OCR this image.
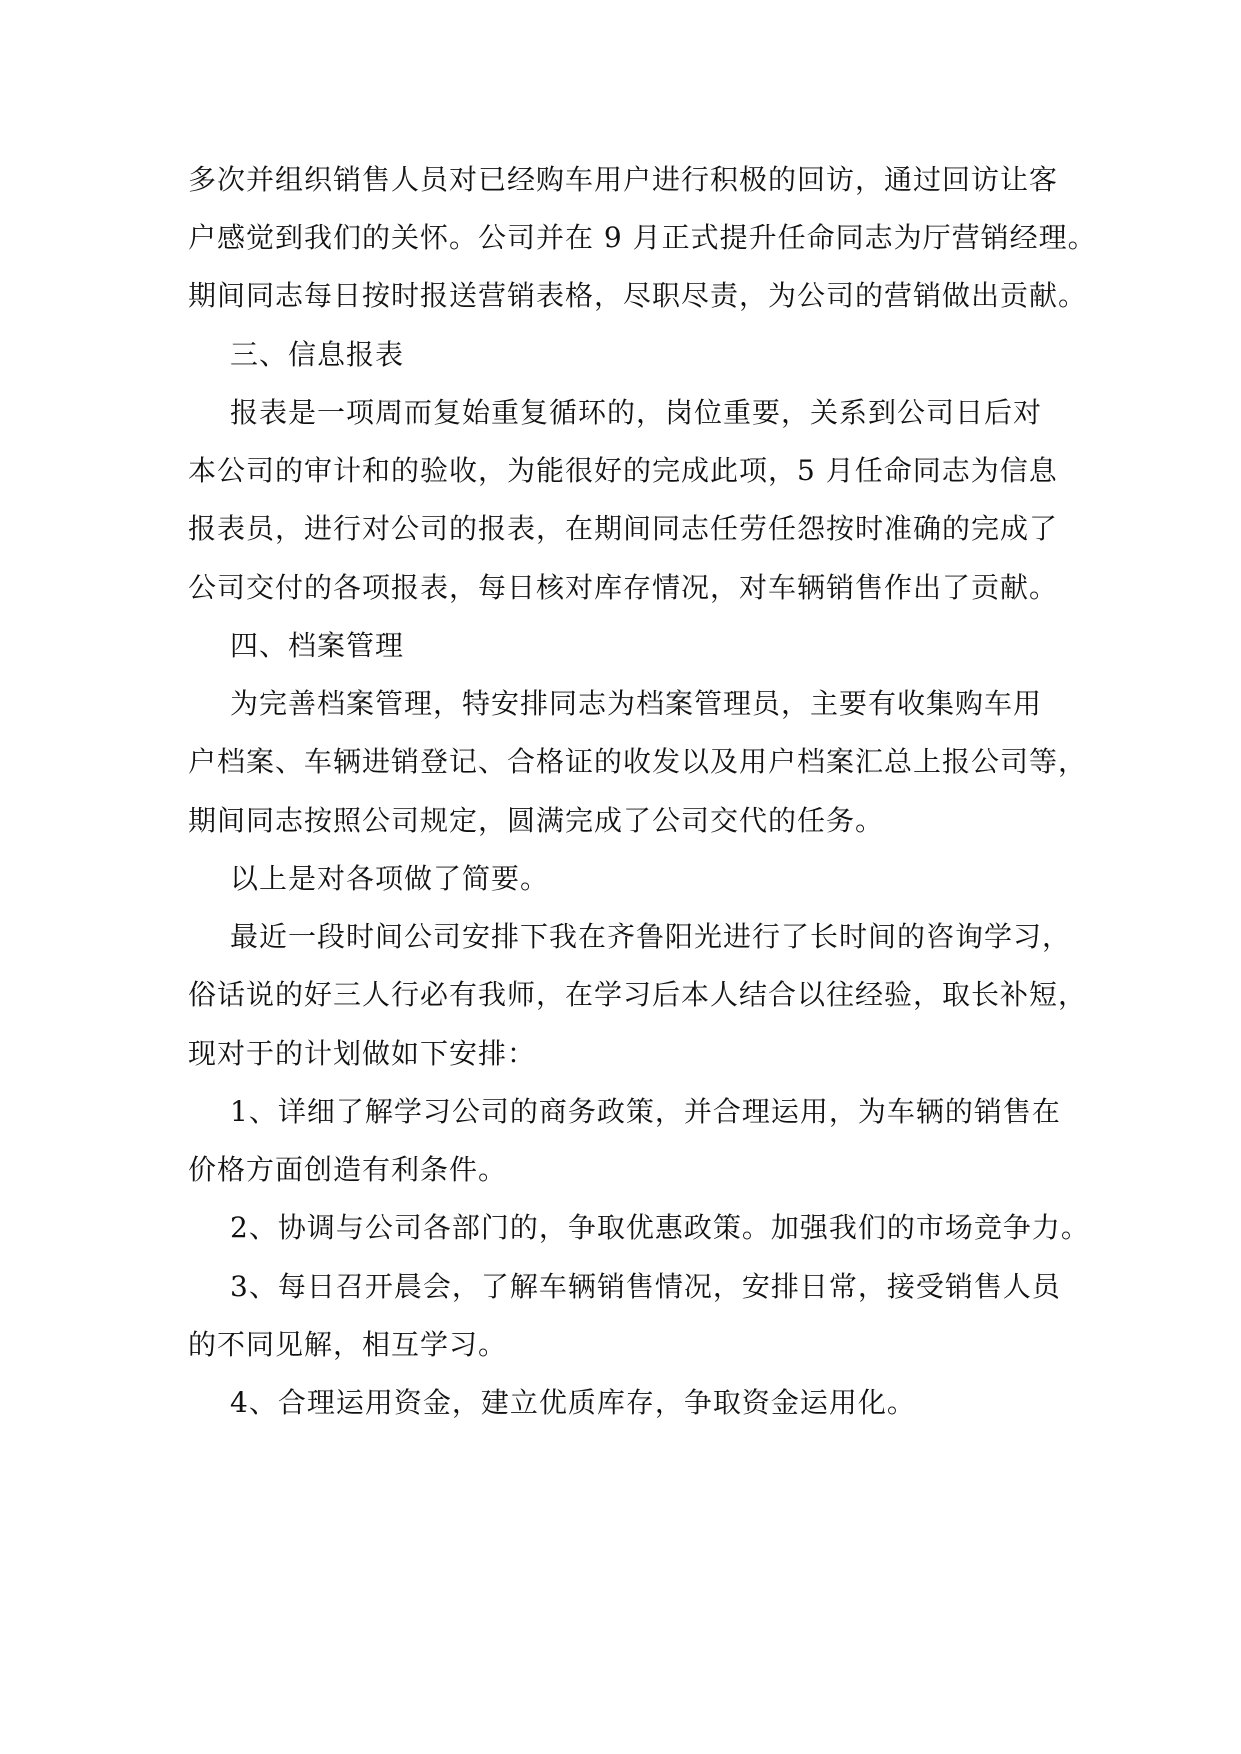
多次并组织销售人员对已经购车用户进行积极的回访，通过回访让客
户感觉到我们的关怀。公司并在 9 月正式提升任命同志为厅营销经理。
期间同志每日按时报送营销表格，尽职尽责，为公司的营销做出贡献。
三、信息报表
报表是一项周而复始重复循环的，岗位重要，关系到公司日后对
本公司的审计和的验收，为能很好的完成此项，5 月任命同志为信息
报表员，进行对公司的报表，在期间同志任劳任怨按时准确的完成了
公司交付的各项报表，每日核对库存情况，对车辆销售作出了贡献。
四、档案管理
为完善档案管理，特安排同志为档案管理员，主要有收集购车用
户档案、车辆进销登记、合格证的收发以及用户档案汇总上报公司等，
期间同志按照公司规定，圆满完成了公司交代的任务。
以上是对各项做了简要。
最近一段时间公司安排下我在齐鲁阳光进行了长时间的咨询学习，
俗话说的好三人行必有我师，在学习后本人结合以往经验，取长补短，
现对于的计划做如下安排：
1、详细了解学习公司的商务政策，并合理运用，为车辆的销售在
价格方面创造有利条件。
2、协调与公司各部门的，争取优惠政策。加强我们的市场竞争力。
3、每日召开晨会，了解车辆销售情况，安排日常，接受销售人员
的不同见解，相互学习。
4、合理运用资金，建立优质库存，争取资金运用化。
